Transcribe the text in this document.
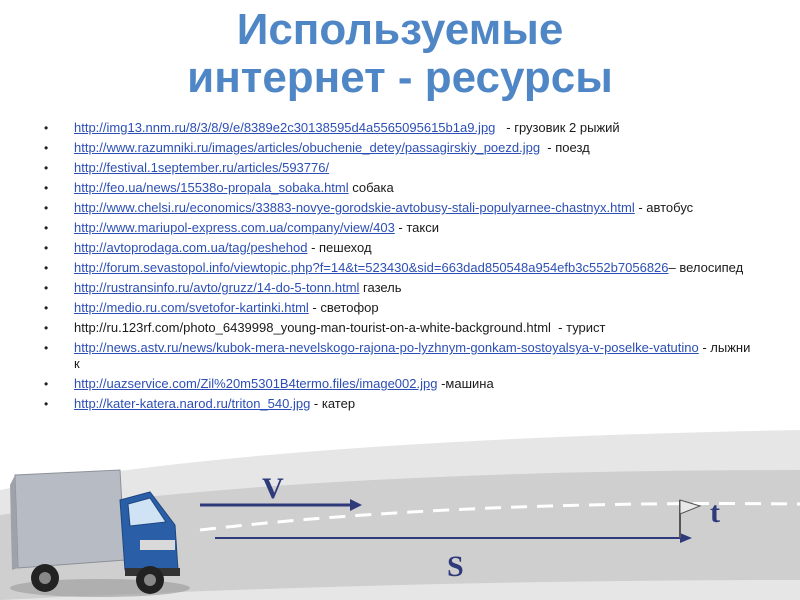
Используемые
интернет - ресурсы
• http://img13.nnm.ru/8/3/8/9/e/8389e2c30138595d4a5565095615b1a9.jpg   - грузовик 2 рыжий
• http://www.razumniki.ru/images/articles/obuchenie_detey/passagirskiy_poezd.jpg  - поезд
• http://festival.1september.ru/articles/593776/
• http://feo.ua/news/15538o-propala_sobaka.html собака
• http://www.chelsi.ru/economics/33883-novye-gorodskie-avtobusy-stali-populyarnee-chastnyx.html - автобус
• http://www.mariupol-express.com.ua/company/view/403 - такси
• http://avtoprodaga.com.ua/tag/peshehod - пешеход
• http://forum.sevastopol.info/viewtopic.php?f=14&t=523430&sid=663dad850548a954efb3c552b7056826– велосипед
• http://rustransinfo.ru/avto/gruzz/14-do-5-tonn.html газель
• http://medio.ru.com/svetofor-kartinki.html - светофор
• http://ru.123rf.com/photo_6439998_young-man-tourist-on-a-white-background.html  - турист
• http://news.astv.ru/news/kubok-mera-nevelskogo-rajona-po-lyzhnym-gonkam-sostoyalsya-v-poselke-vatutino - лыжник
• http://uazservice.com/Zil%20m5301B4termo.files/image002.jpg -машина
• http://kater-katera.narod.ru/triton_540.jpg - катер
V
t
S
